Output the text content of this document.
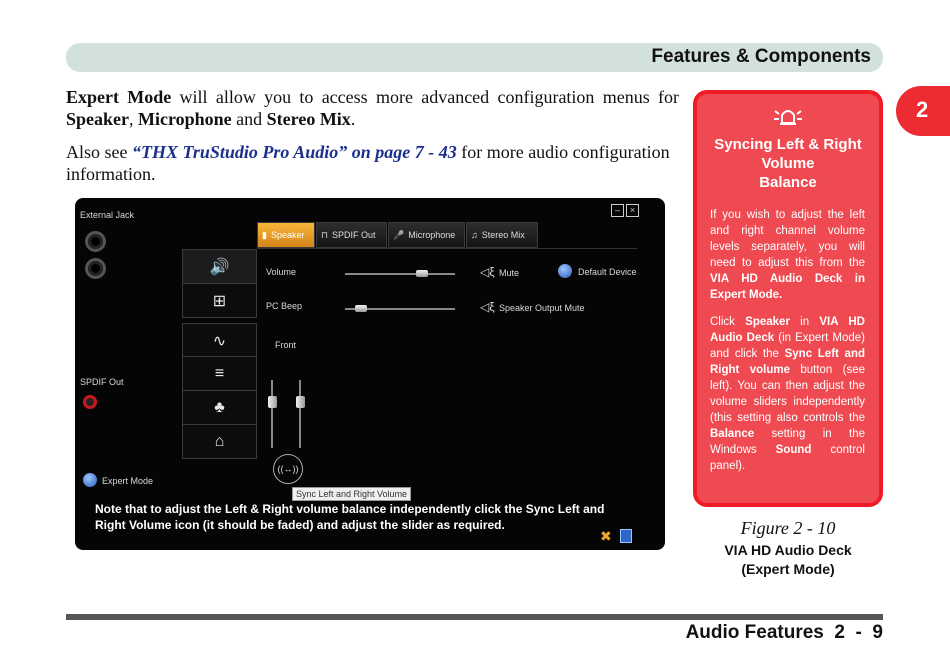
Features & Components
2
Expert Mode will allow you to access more advanced configuration menus for Speaker, Microphone and Stereo Mix.
Also see “THX TruStudio Pro Audio” on page 7 - 43 for more audio configuration information.
–	×
External Jack
SPDIF Out
Expert Mode
🔊
⊞
∿
≡
♣
⌂
▮ Speaker ⊓ SPDIF Out 🎤 Microphone ♫ Stereo Mix
Volume	◁ξ Mute	Default Device
PC Beep	◁ξ Speaker Output Mute
Front
((↔))
Sync Left and Right Volume
✖
Note that to adjust the Left & Right volume balance independently click the Sync Left and Right Volume icon (it should be faded) and adjust the slider as required.
Syncing Left & Right
Volume
Balance
If you wish to adjust the left and right channel volume levels separately, you will need to adjust this from the VIA HD Audio Deck in Expert Mode.
Click Speaker in VIA HD Audio Deck (in Expert Mode) and click the Sync Left and Right volume button (see left). You can then adjust the volume sliders independently (this setting also controls the Balance setting in the Windows Sound control panel).
Figure 2 - 10
VIA HD Audio Deck
(Expert Mode)
Audio Features  2  -  9
